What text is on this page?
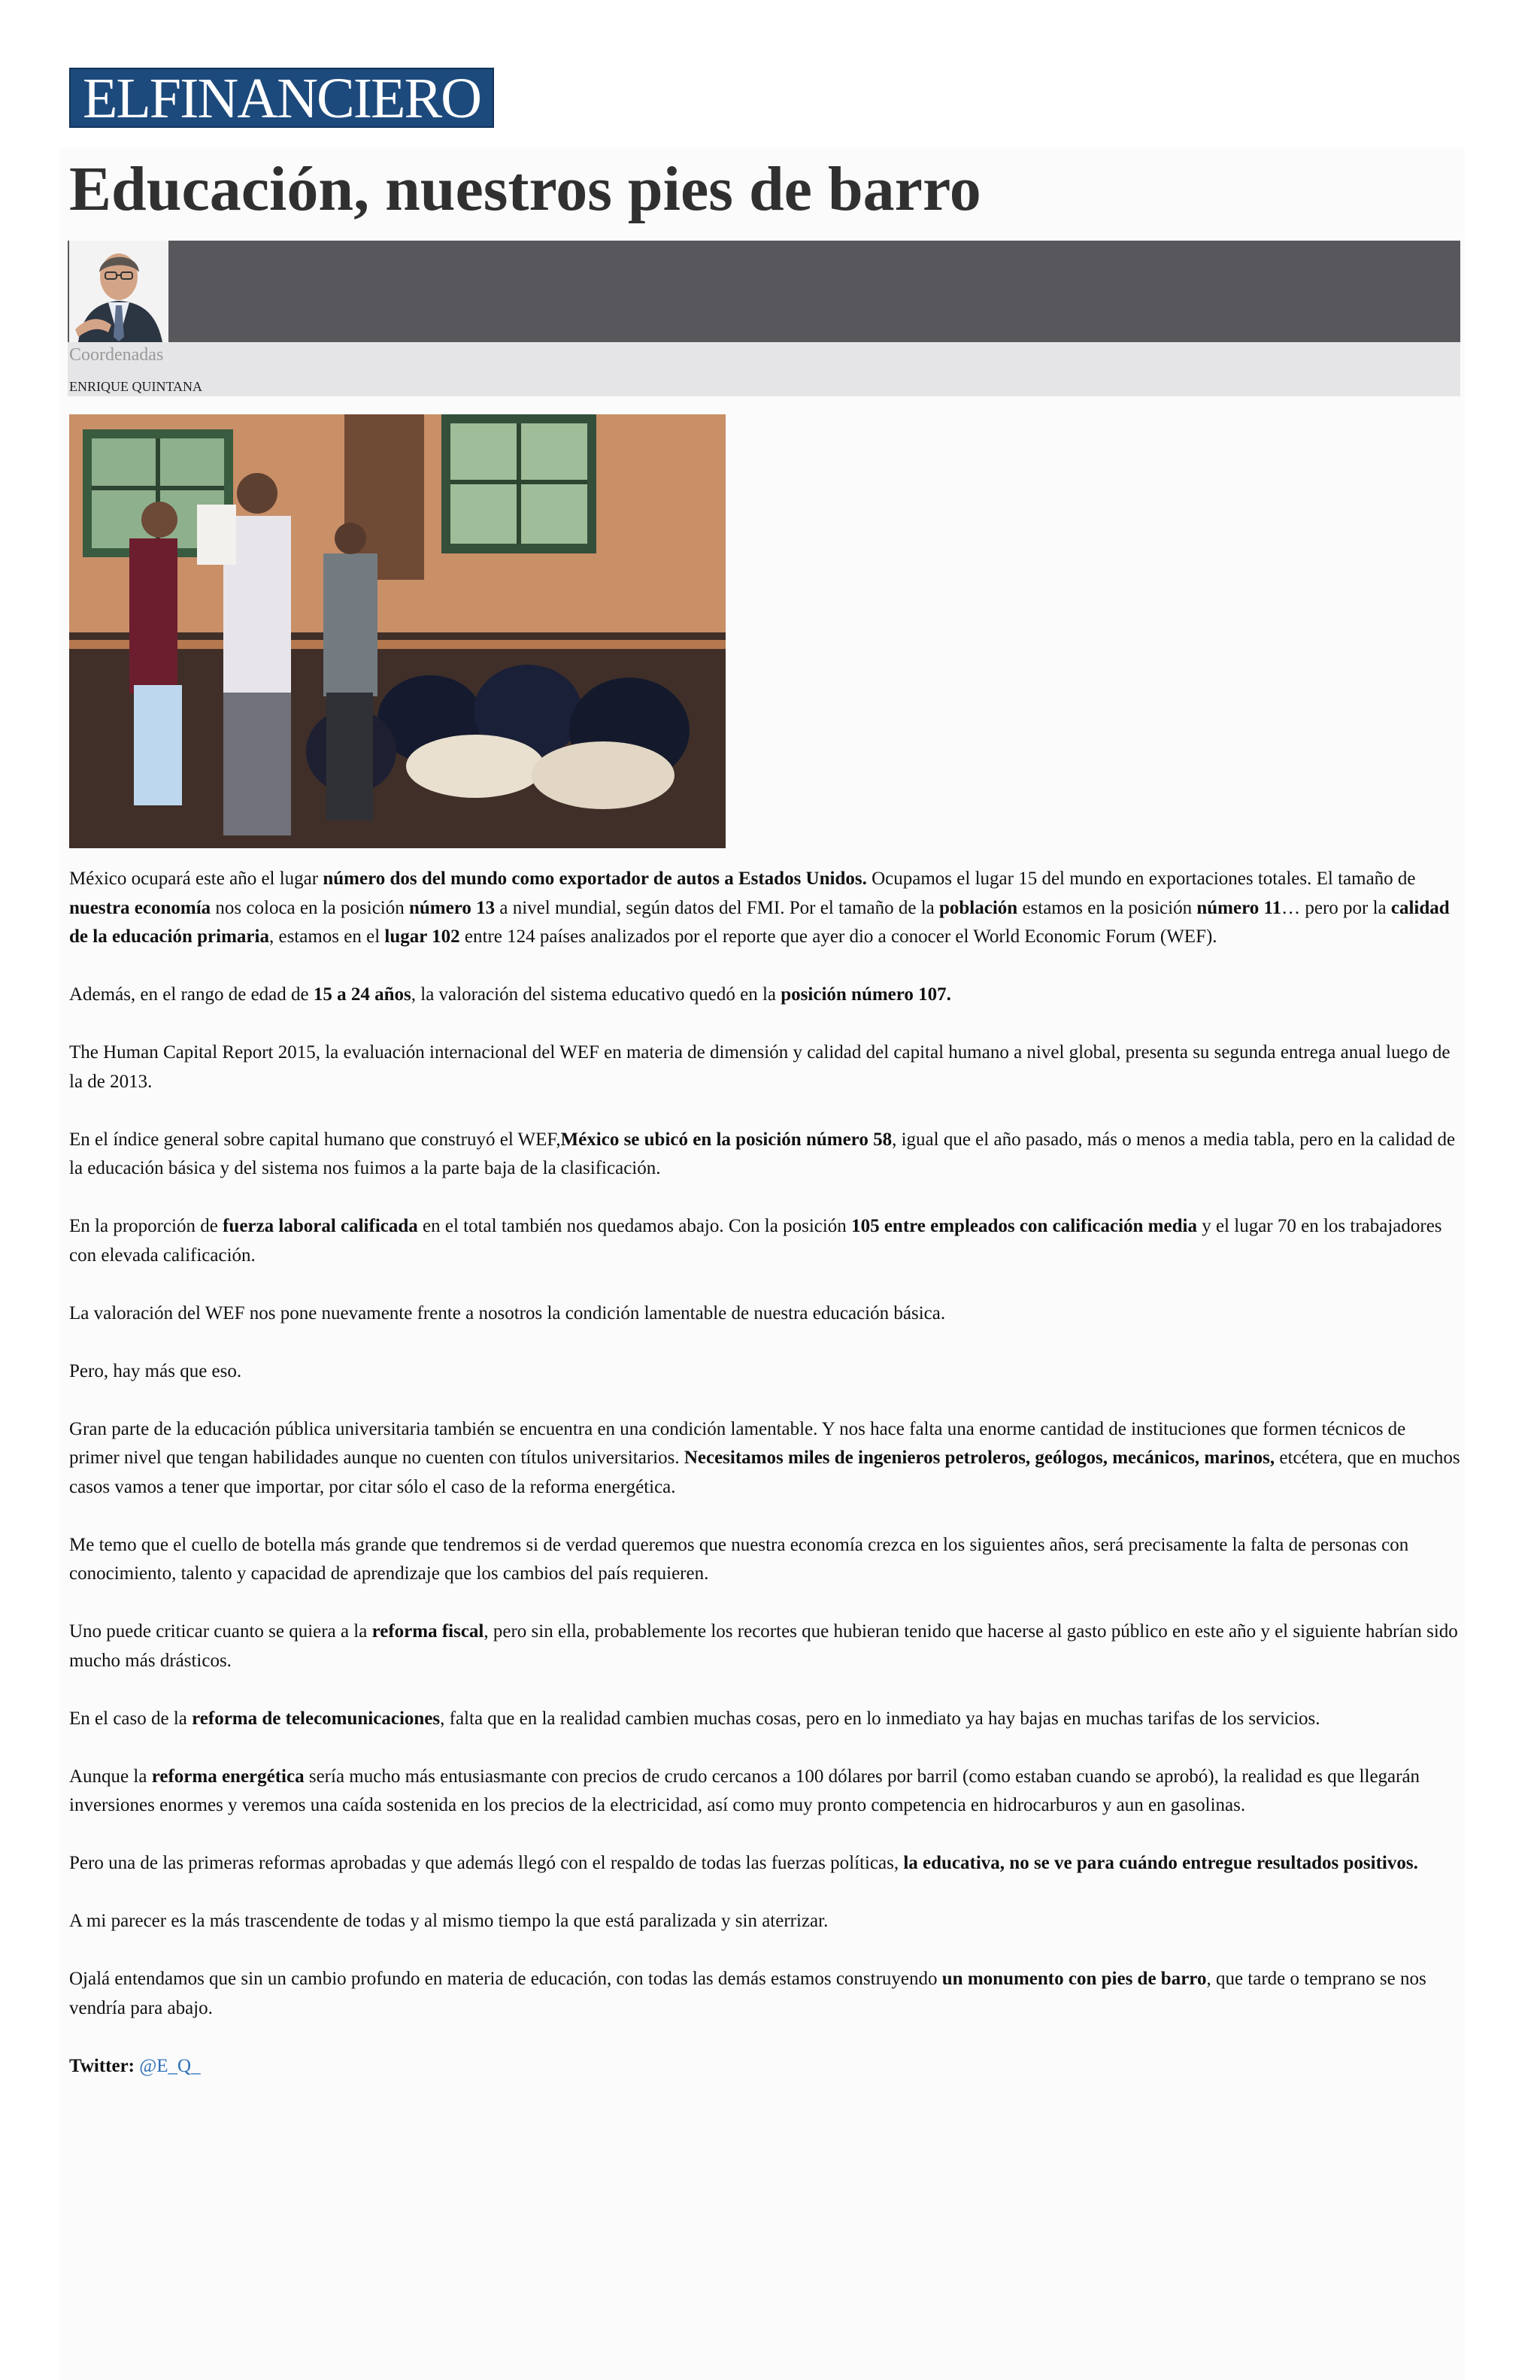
ELFINANCIERO
Educación, nuestros pies de barro
Coordenadas
ENRIQUE QUINTANA

México ocupará este año el lugar número dos del mundo como exportador de autos a Estados Unidos. Ocupamos el lugar 15 del mundo en exportaciones totales. El tamaño de nuestra economía nos coloca en la posición número 13 a nivel mundial, según datos del FMI. Por el tamaño de la población estamos en la posición número 11… pero por la calidad de la educación primaria, estamos en el lugar 102 entre 124 países analizados por el reporte que ayer dio a conocer el World Economic Forum (WEF).

Además, en el rango de edad de 15 a 24 años, la valoración del sistema educativo quedó en la posición número 107.

The Human Capital Report 2015, la evaluación internacional del WEF en materia de dimensión y calidad del capital humano a nivel global, presenta su segunda entrega anual luego de la de 2013.

En el índice general sobre capital humano que construyó el WEF,México se ubicó en la posición número 58, igual que el año pasado, más o menos a media tabla, pero en la calidad de la educación básica y del sistema nos fuimos a la parte baja de la clasificación.

En la proporción de fuerza laboral calificada en el total también nos quedamos abajo. Con la posición 105 entre empleados con calificación media y el lugar 70 en los trabajadores con elevada calificación.

La valoración del WEF nos pone nuevamente frente a nosotros la condición lamentable de nuestra educación básica.

Pero, hay más que eso.

Gran parte de la educación pública universitaria también se encuentra en una condición lamentable. Y nos hace falta una enorme cantidad de instituciones que formen técnicos de primer nivel que tengan habilidades aunque no cuenten con títulos universitarios. Necesitamos miles de ingenieros petroleros, geólogos, mecánicos, marinos, etcétera, que en muchos casos vamos a tener que importar, por citar sólo el caso de la reforma energética.

Me temo que el cuello de botella más grande que tendremos si de verdad queremos que nuestra economía crezca en los siguientes años, será precisamente la falta de personas con conocimiento, talento y capacidad de aprendizaje que los cambios del país requieren.

Uno puede criticar cuanto se quiera a la reforma fiscal, pero sin ella, probablemente los recortes que hubieran tenido que hacerse al gasto público en este año y el siguiente habrían sido mucho más drásticos.

En el caso de la reforma de telecomunicaciones, falta que en la realidad cambien muchas cosas, pero en lo inmediato ya hay bajas en muchas tarifas de los servicios.

Aunque la reforma energética sería mucho más entusiasmante con precios de crudo cercanos a 100 dólares por barril (como estaban cuando se aprobó), la realidad es que llegarán inversiones enormes y veremos una caída sostenida en los precios de la electricidad, así como muy pronto competencia en hidrocarburos y aun en gasolinas.

Pero una de las primeras reformas aprobadas y que además llegó con el respaldo de todas las fuerzas políticas, la educativa, no se ve para cuándo entregue resultados positivos.

A mi parecer es la más trascendente de todas y al mismo tiempo la que está paralizada y sin aterrizar.

Ojalá entendamos que sin un cambio profundo en materia de educación, con todas las demás estamos construyendo un monumento con pies de barro, que tarde o temprano se nos vendría para abajo.

Twitter: @E_Q_
